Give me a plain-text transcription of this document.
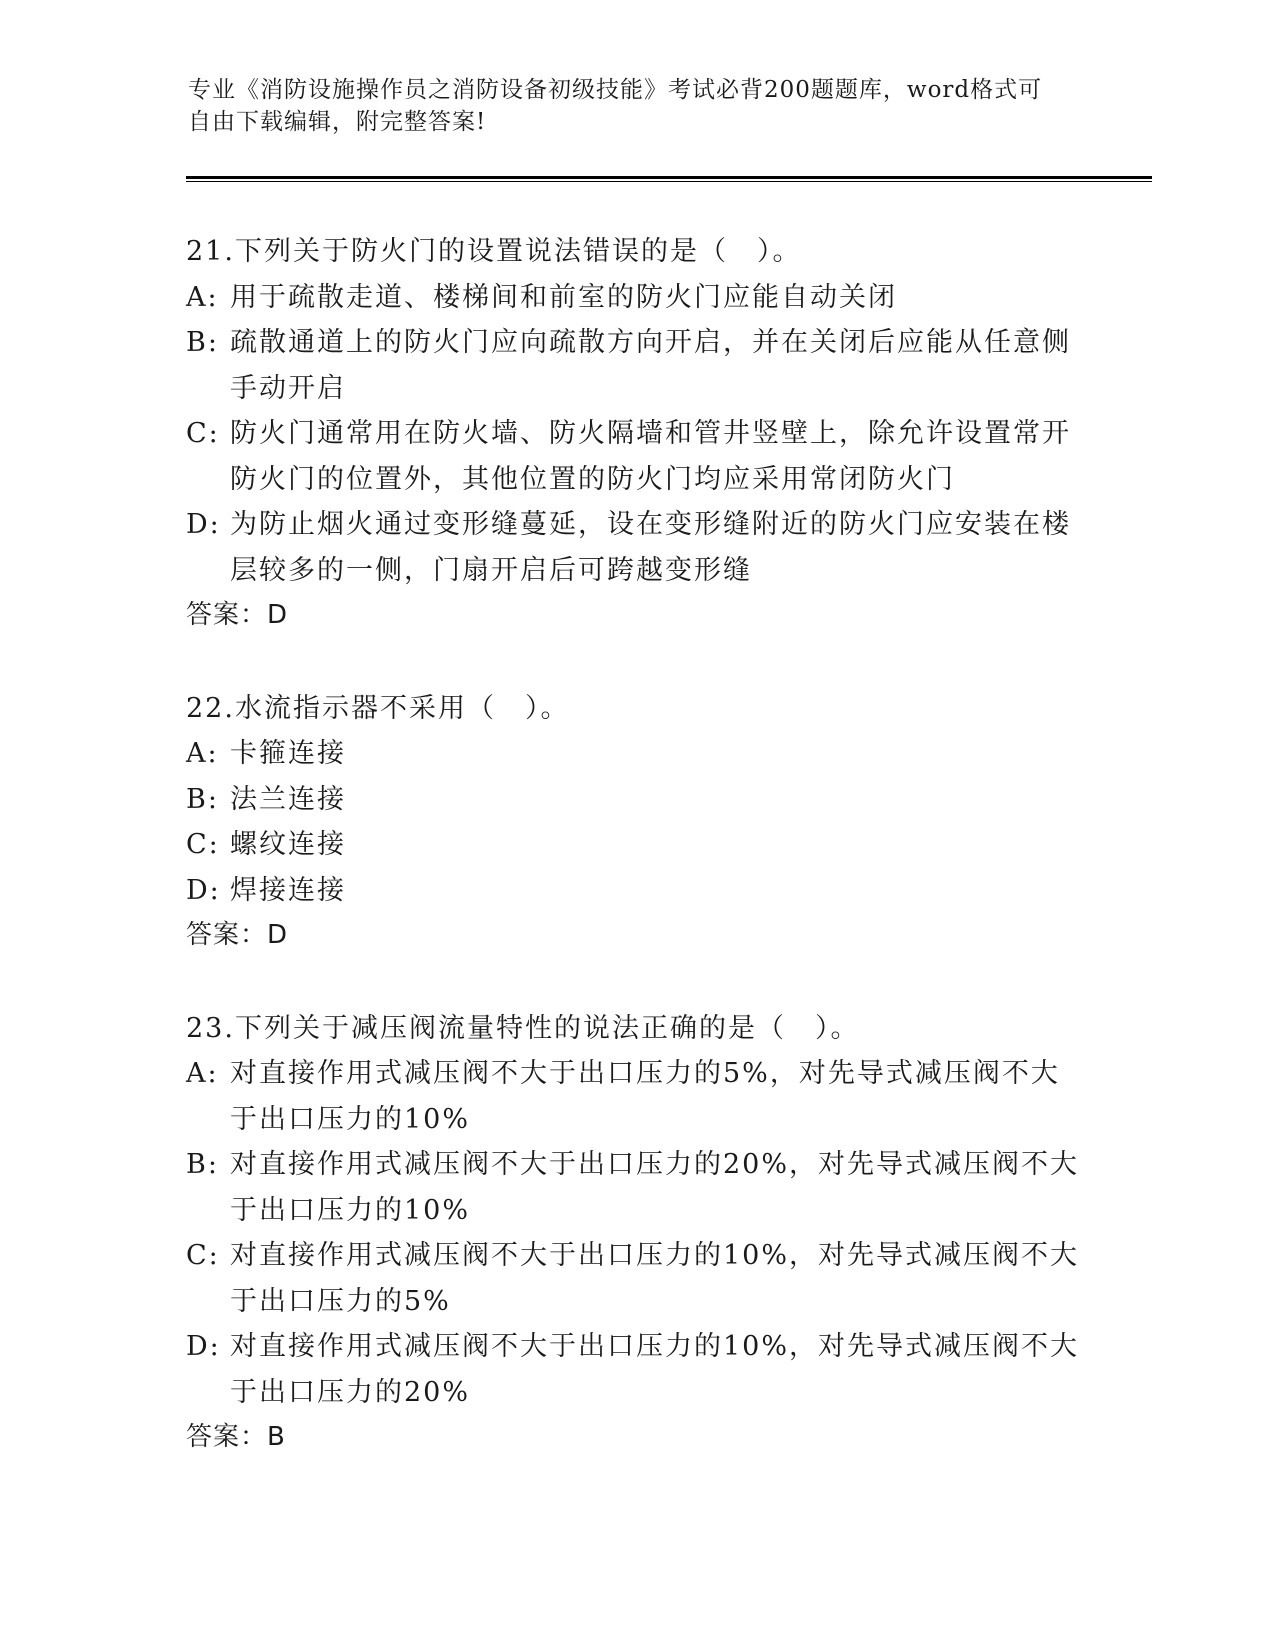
专业《消防设施操作员之消防设备初级技能》考试必背200题题库，word格式可
自由下载编辑，附完整答案!
21.下列关于防火门的设置说法错误的是（　）。
A: 用于疏散走道、楼梯间和前室的防火门应能自动关闭
B: 疏散通道上的防火门应向疏散方向开启，并在关闭后应能从任意侧手动开启
C: 防火门通常用在防火墙、防火隔墙和管井竖壁上，除允许设置常开防火门的位置外，其他位置的防火门均应采用常闭防火门
D: 为防止烟火通过变形缝蔓延，设在变形缝附近的防火门应安装在楼层较多的一侧，门扇开启后可跨越变形缝
答案：D
22.水流指示器不采用（　）。
A: 卡箍连接
B: 法兰连接
C: 螺纹连接
D: 焊接连接
答案：D
23.下列关于减压阀流量特性的说法正确的是（　）。
A: 对直接作用式减压阀不大于出口压力的5%，对先导式减压阀不大于出口压力的10%
B: 对直接作用式减压阀不大于出口压力的20%，对先导式减压阀不大于出口压力的10%
C: 对直接作用式减压阀不大于出口压力的10%，对先导式减压阀不大于出口压力的5%
D: 对直接作用式减压阀不大于出口压力的10%，对先导式减压阀不大于出口压力的20%
答案：B
